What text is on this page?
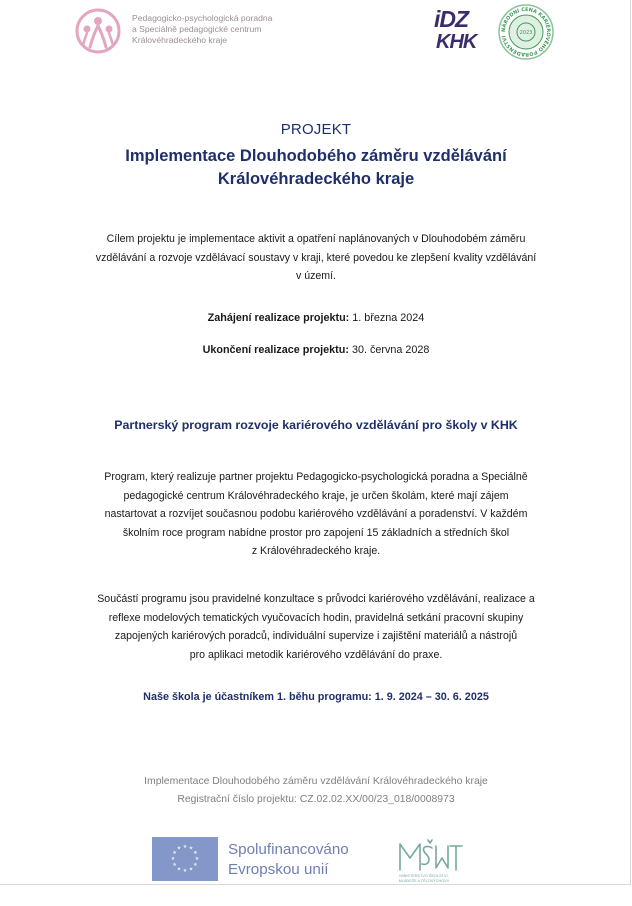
Pedagogicko-psychologická poradna
a Speciálně pedagogické centrum
Královéhradeckého kraje
iDZ
KHK
NÁRODNÍ CENA KARIÉROVÉHO PORADENSTVÍ
2023
PROJEKT
Implementace Dlouhodobého záměru vzdělávání
Královéhradeckého kraje
Cílem projektu je implementace aktivit a opatření naplánovaných v Dlouhodobém záměru
vzdělávání a rozvoje vzdělávací soustavy v kraji, které povedou ke zlepšení kvality vzdělávání
v území.
Zahájení realizace projektu: 1. března 2024
Ukončení realizace projektu: 30. června 2028
Partnerský program rozvoje kariérového vzdělávání pro školy v KHK
Program, který realizuje partner projektu Pedagogicko-psychologická poradna a Speciálně
pedagogické centrum Královéhradeckého kraje, je určen školám, které mají zájem
nastartovat a rozvíjet současnou podobu kariérového vzdělávání a poradenství. V každém
školním roce program nabídne prostor pro zapojení 15 základních a středních škol
z Královéhradeckého kraje.
Součástí programu jsou pravidelné konzultace s průvodci kariérového vzdělávání, realizace a
reflexe modelových tematických vyučovacích hodin, pravidelná setkání pracovní skupiny
zapojených kariérových poradců, individuální supervize i zajištění materiálů a nástrojů
pro aplikaci metodik kariérového vzdělávání do praxe.
Naše škola je účastníkem 1. běhu programu: 1. 9. 2024 – 30. 6. 2025
Implementace Dlouhodobého záměru vzdělávání Královéhradeckého kraje
Registrační číslo projektu: CZ.02.02.XX/00/23_018/0008973
★ ★
★
★
★
★
★
★
★
★
★
★	Spolufinancováno
Evropskou unií	MINISTERSTVO ŠKOLSTVÍ,
MLÁDEŽE A TĚLOVÝCHOVY
